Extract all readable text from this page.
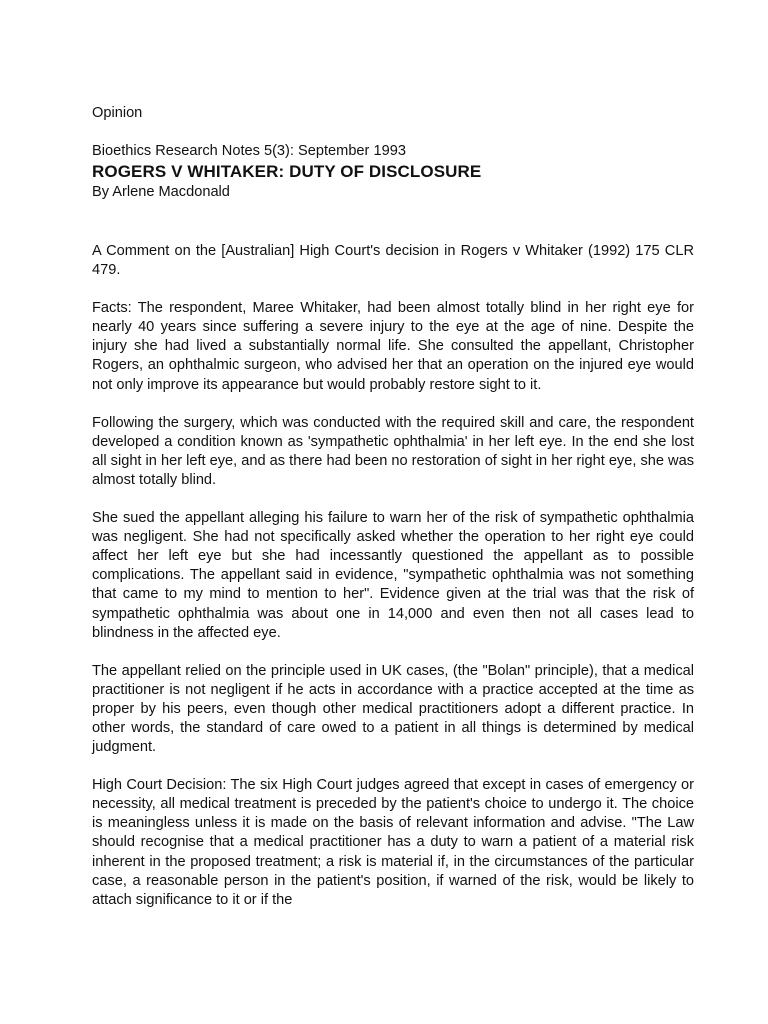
Opinion

Bioethics Research Notes 5(3): September 1993

ROGERS V WHITAKER: DUTY OF DISCLOSURE

By Arlene Macdonald

A Comment on the [Australian] High Court's decision in Rogers v Whitaker (1992) 175 CLR 479.

Facts: The respondent, Maree Whitaker, had been almost totally blind in her right eye for nearly 40 years since suffering a severe injury to the eye at the age of nine. Despite the injury she had lived a substantially normal life. She consulted the appellant, Christopher Rogers, an ophthalmic surgeon, who advised her that an operation on the injured eye would not only improve its appearance but would probably restore sight to it.

Following the surgery, which was conducted with the required skill and care, the respondent developed a condition known as 'sympathetic ophthalmia' in her left eye. In the end she lost all sight in her left eye, and as there had been no restoration of sight in her right eye, she was almost totally blind.

She sued the appellant alleging his failure to warn her of the risk of sympathetic ophthalmia was negligent. She had not specifically asked whether the operation to her right eye could affect her left eye but she had incessantly questioned the appellant as to possible complications. The appellant said in evidence, "sympathetic ophthalmia was not something that came to my mind to mention to her". Evidence given at the trial was that the risk of sympathetic ophthalmia was about one in 14,000 and even then not all cases lead to blindness in the affected eye.

The appellant relied on the principle used in UK cases, (the "Bolan" principle), that a medical practitioner is not negligent if he acts in accordance with a practice accepted at the time as proper by his peers, even though other medical practitioners adopt a different practice. In other words, the standard of care owed to a patient in all things is determined by medical judgment.

High Court Decision: The six High Court judges agreed that except in cases of emergency or necessity, all medical treatment is preceded by the patient's choice to undergo it. The choice is meaningless unless it is made on the basis of relevant information and advise. "The Law should recognise that a medical practitioner has a duty to warn a patient of a material risk inherent in the proposed treatment; a risk is material if, in the circumstances of the particular case, a reasonable person in the patient's position, if warned of the risk, would be likely to attach significance to it or if the
